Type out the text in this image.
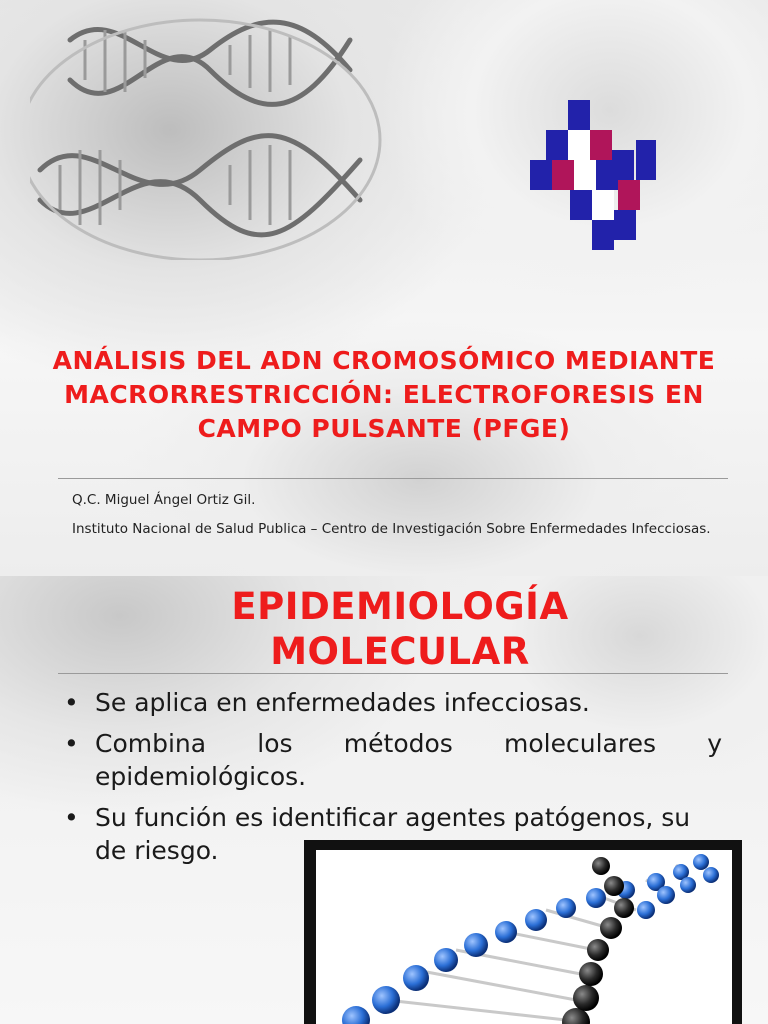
ANÁLISIS DEL ADN CROMOSÓMICO MEDIANTE MACRORRESTRICCIÓN: ELECTROFORESIS EN CAMPO PULSANTE (PFGE)

Q.C. Miguel Ángel Ortiz Gil.

Instituto Nacional de Salud Publica – Centro de Investigación Sobre Enfermedades Infecciosas.

EPIDEMIOLOGÍA MOLECULAR
• Se aplica en enfermedades infecciosas.
• Combina los métodos moleculares y epidemiológicos.
• Su función es identificar agentes patógenos, su
de riesgo.
